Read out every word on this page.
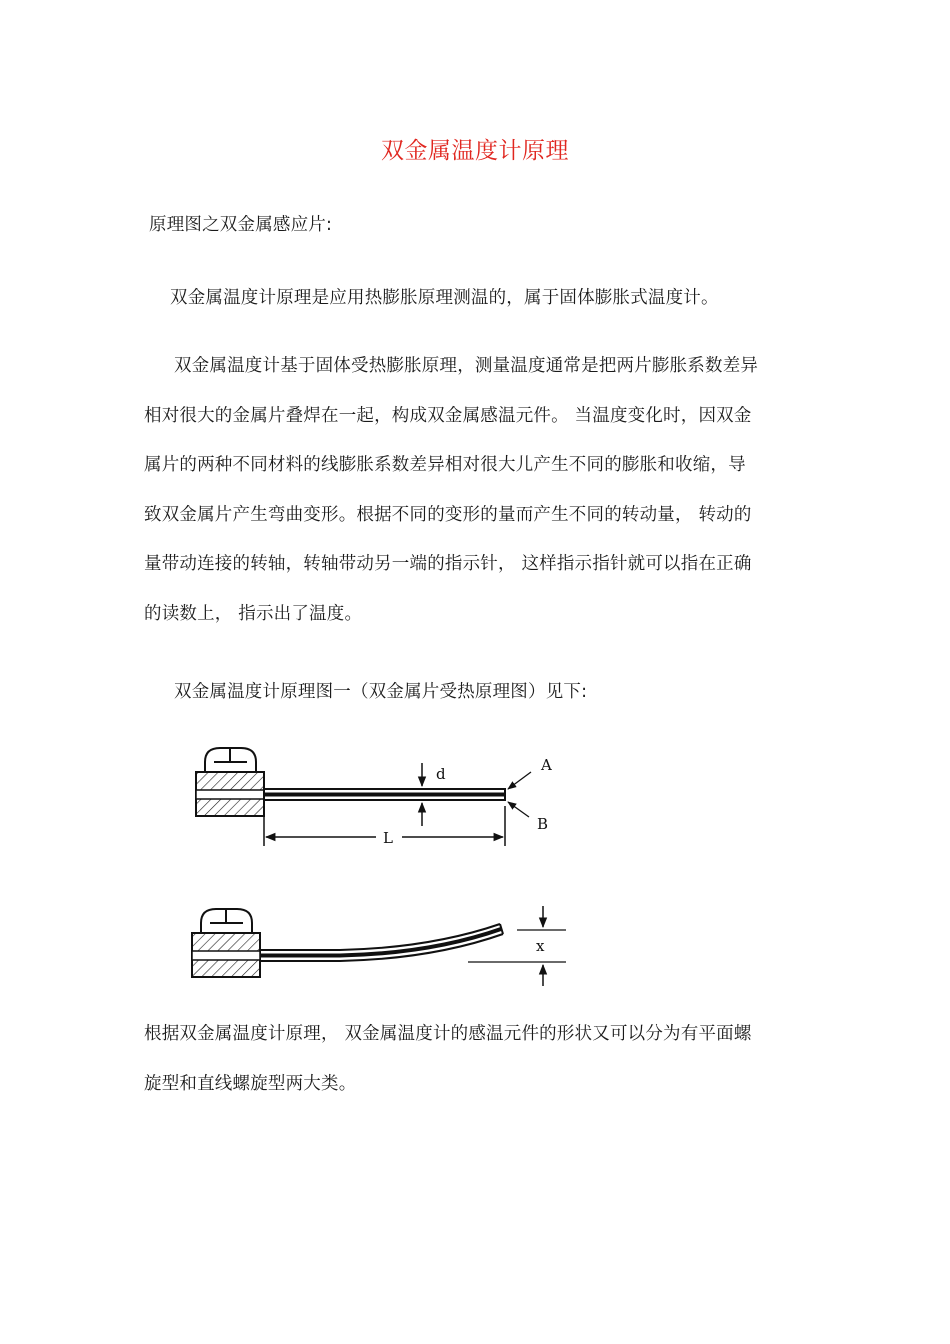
双金属温度计原理
原理图之双金属感应片:
双金属温度计原理是应用热膨胀原理测温的，属于固体膨胀式温度计。
双金属温度计基于固体受热膨胀原理，测量温度通常是把两片膨胀系数差异
相对很大的金属片叠焊在一起，构成双金属感温元件。 当温度变化时，因双金
属片的两种不同材料的线膨胀系数差异相对很大儿产生不同的膨胀和收缩，导
致双金属片产生弯曲变形。根据不同的变形的量而产生不同的转动量， 转动的
量带动连接的转轴，转轴带动另一端的指示针， 这样指示指针就可以指在正确
的读数上， 指示出了温度。
双金属温度计原理图一（双金属片受热原理图）见下:
d	A
B
L
x
根据双金属温度计原理， 双金属温度计的感温元件的形状又可以分为有平面螺
旋型和直线螺旋型两大类。
